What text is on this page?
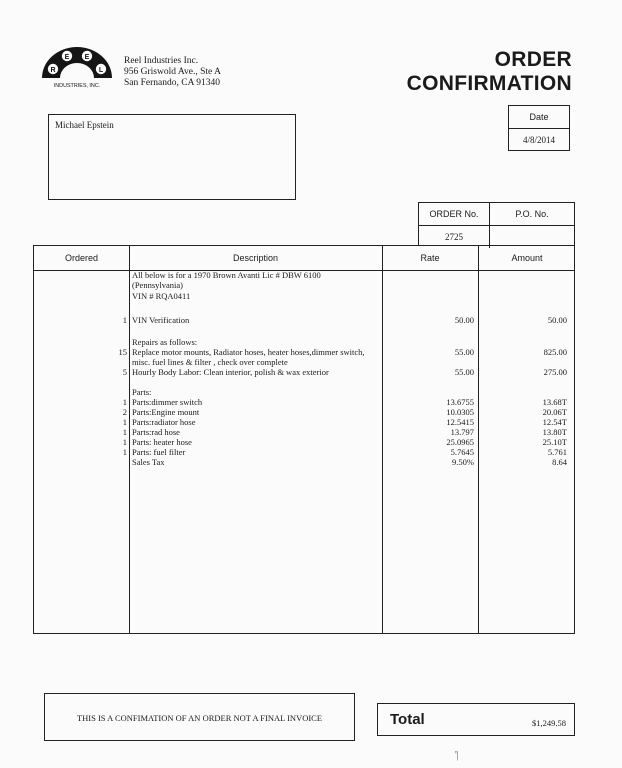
R
E E
L
INDUSTRIES, INC.
Reel Industries Inc.
956 Griswold Ave., Ste A
San Fernando, CA 91340
ORDER
CONFIRMATION
Date
4/8/2014
Michael Epstein
ORDER No.	P.O. No.
2725
Ordered	Description	Rate	Amount
All below is for a 1970 Brown Avanti Lic # DBW 6100
(Pennsylvania)
VIN # RQA0411
1 VIN Verification	50.00	50.00
Repairs as follows:
15 Replace motor mounts, Radiator hoses, heater hoses,dimmer switch,	55.00	825.00
misc. fuel lines & filter , check over complete
5 Hourly Body Labor: Clean interior, polish & wax exterior	55.00	275.00
Parts:
1 Parts:dimmer switch	13.6755	13.68T
2 Parts:Engine mount	10.0305	20.06T
1 Parts:radiator hose	12.5415	12.54T
1 Parts:rad hose	13.797	13.80T
1 Parts: heater hose	25.0965	25.10T
1 Parts: fuel filter	5.7645	5.761
Sales Tax	9.50%	8.64
THIS IS A CONFIMATION OF AN ORDER NOT A FINAL INVOICE	Total	$1,249.58
'|
